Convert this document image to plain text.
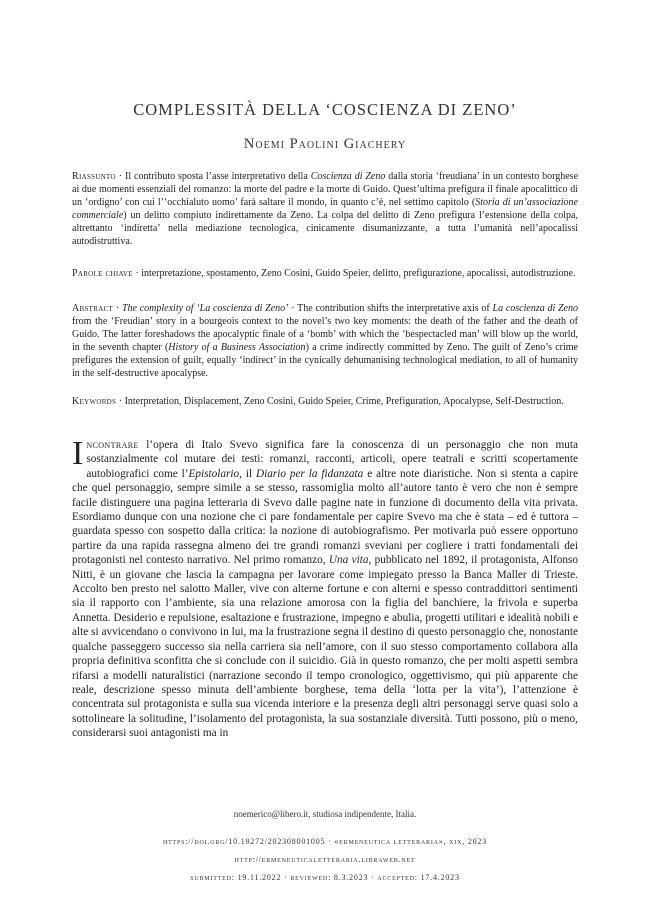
COMPLESSITÀ DELLA ‘COSCIENZA DI ZENO’
Noemi Paolini Giachery
Riassunto · Il contributo sposta l’asse interpretativo della Coscienza di Zeno dalla storia ‘freudiana’ in un contesto borghese ai due momenti essenziali del romanzo: la morte del padre e la morte di Guido. Quest’ultima prefigura il finale apocalittico di un ‘ordigno’ con cui l’‘occhialuto uomo’ farà saltare il mondo, in quanto c’è, nel settimo capitolo (Storia di un’associazione commerciale) un delitto compiuto indirettamente da Zeno. La colpa del delitto di Zeno prefigura l’estensione della colpa, altrettanto ‘indiretta’ nella mediazione tecnologica, cinicamente disumanizzante, a tutta l’umanità nell’apocalissi autodistruttiva.
Parole chiave · interpretazione, spostamento, Zeno Cosini, Guido Speier, delitto, prefigurazione, apocalissi, autodistruzione.
Abstract · The complexity of ‘La coscienza di Zeno’ · The contribution shifts the interpretative axis of La coscienza di Zeno from the ‘Freudian’ story in a bourgeois context to the novel’s two key moments: the death of the father and the death of Guido. The latter foreshadows the apocalyptic finale of a ‘bomb’ with which the ‘bespectacled man’ will blow up the world, in the seventh chapter (History of a Business Association) a crime indirectly committed by Zeno. The guilt of Zeno’s crime prefigures the extension of guilt, equally ‘indirect’ in the cynically dehumanising technological mediation, to all of humanity in the self-destructive apocalypse.
Keywords · Interpretation, Displacement, Zeno Cosini, Guido Speier, Crime, Prefiguration, Apocalypse, Self-Destruction.
Incontrare l’opera di Italo Svevo significa fare la conoscenza di un personaggio che non muta sostanzialmente col mutare dei testi: romanzi, racconti, articoli, opere teatrali e scritti scopertamente autobiografici come l’Epistolario, il Diario per la fidanzata e altre note diaristiche. Non si stenta a capire che quel personaggio, sempre simile a se stesso, rassomiglia molto all’autore tanto è vero che non è sempre facile distinguere una pagina letteraria di Svevo dalle pagine nate in funzione di documento della vita privata. Esordiamo dunque con una nozione che ci pare fondamentale per capire Svevo ma che è stata – ed è tuttora – guardata spesso con sospetto dalla critica: la nozione di autobiografismo. Per motivarla può essere opportuno partire da una rapida rassegna almeno dei tre grandi romanzi sveviani per cogliere i tratti fondamentali dei protagonisti nel contesto narrativo. Nel primo romanzo, Una vita, pubblicato nel 1892, il protagonista, Alfonso Nitti, è un giovane che lascia la campagna per lavorare come impiegato presso la Banca Maller di Trieste. Accolto ben presto nel salotto Maller, vive con alterne fortune e con alterni e spesso contraddittori sentimenti sia il rapporto con l’ambiente, sia una relazione amorosa con la figlia del banchiere, la frivola e superba Annetta. Desiderio e repulsione, esaltazione e frustrazione, impegno e abulia, progetti utilitari e idealità nobili e alte si avvicendano o convivono in lui, ma la frustrazione segna il destino di questo personaggio che, nonostante qualche passeggero successo sia nella carriera sia nell’amore, con il suo stesso comportamento collabora alla propria definitiva sconfitta che si conclude con il suicidio. Già in questo romanzo, che per molti aspetti sembra rifarsi a modelli naturalistici (narrazione secondo il tempo cronologico, oggettivismo, qui più apparente che reale, descrizione spesso minuta dell’ambiente borghese, tema della ‘lotta per la vita’), l’attenzione è concentrata sul protagonista e sulla sua vicenda interiore e la presenza degli altri personaggi serve quasi solo a sottolineare la solitudine, l’isolamento del protagonista, la sua sostanziale diversità. Tutti possono, più o meno, considerarsi suoi antagonisti ma in
noemerico@libero.it, studiosa indipendente, Italia.
https://doi.org/10.19272/202308001005 · «ermeneutica letteraria», xix, 2023
http://ermeneuticaletteraria.libraweb.net
submitted: 19.11.2022 · reviewed: 8.3.2023 · accepted: 17.4.2023
